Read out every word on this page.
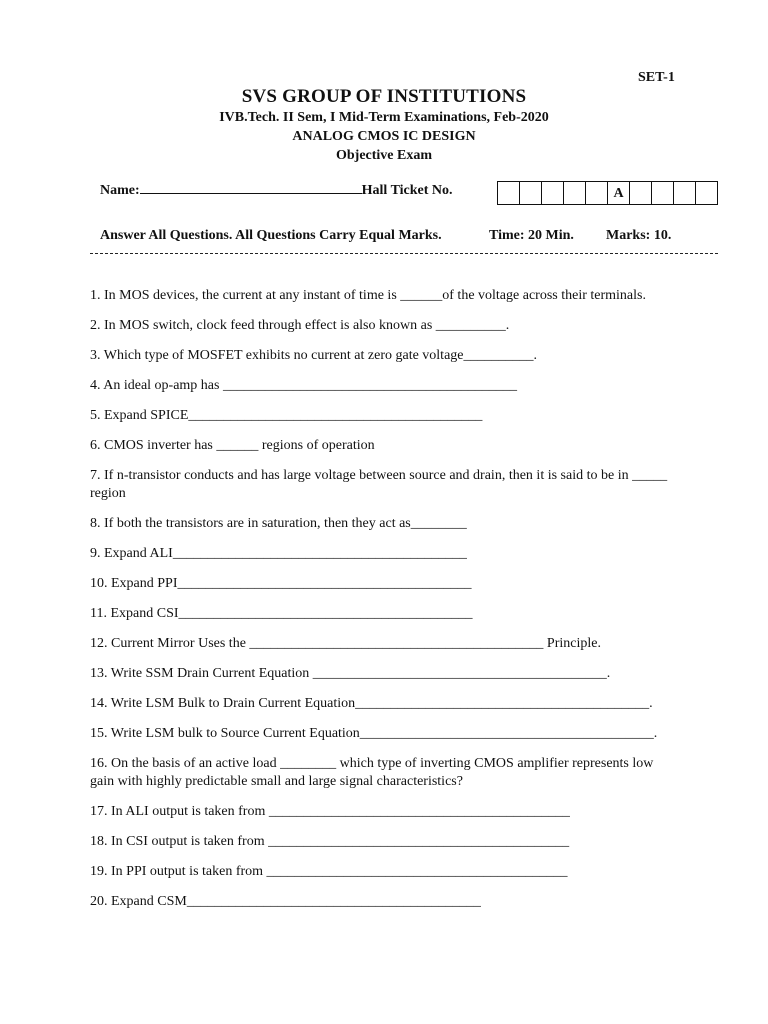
SET-1
SVS GROUP OF INSTITUTIONS
IVB.Tech. II Sem, I Mid-Term Examinations, Feb-2020
ANALOG CMOS IC DESIGN
Objective Exam
Name:	Hall Ticket No.	A
Answer All Questions. All Questions Carry Equal Marks.	Time: 20 Min. Marks: 10.

1. In MOS devices, the current at any instant of time is ______of the voltage across their terminals.

2. In MOS switch, clock feed through effect is also known as __________.

3. Which type of MOSFET exhibits no current at zero gate voltage__________.

4. An ideal op-amp has __________________________________________

5. Expand SPICE__________________________________________

6. CMOS inverter has ______ regions of operation

7. If n-transistor conducts and has large voltage between source and drain, then it is said to be in _____ region

8. If both the transistors are in saturation, then they act as________

9. Expand ALI__________________________________________

10. Expand PPI__________________________________________

11. Expand CSI__________________________________________

12. Current Mirror Uses the __________________________________________ Principle.

13. Write SSM Drain Current Equation __________________________________________.

14. Write LSM Bulk to Drain Current Equation__________________________________________.

15. Write LSM bulk to Source Current Equation__________________________________________.

16. On the basis of an active load ________ which type of inverting CMOS amplifier represents low gain with highly predictable small and large signal characteristics?

17. In ALI output is taken from ___________________________________________

18. In CSI output is taken from ___________________________________________

19. In PPI output is taken from ___________________________________________

20. Expand CSM__________________________________________
